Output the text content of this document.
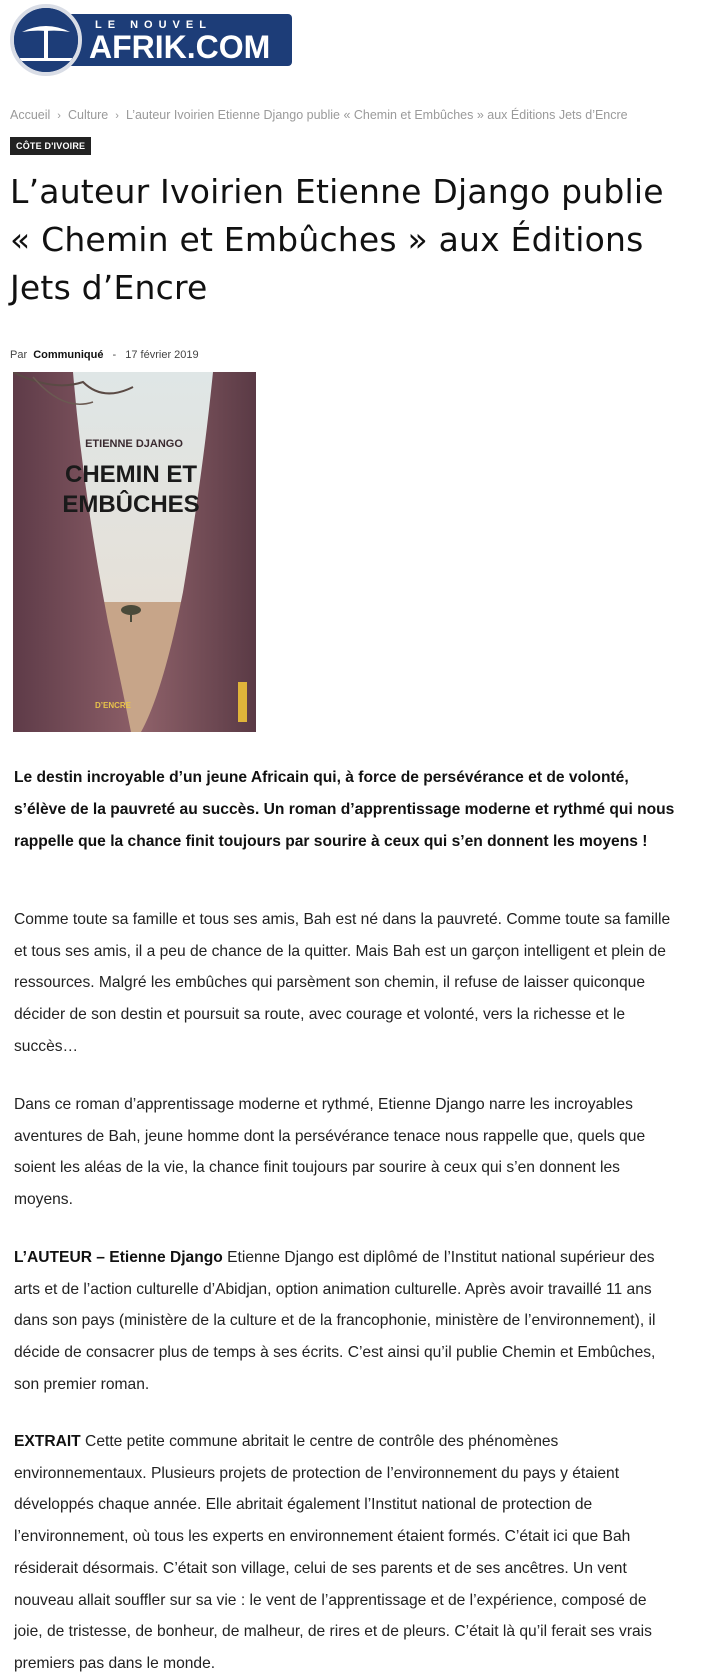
LE NOUVEL
AFRIK.COM
Accueil › Culture › L’auteur Ivoirien Etienne Django publie « Chemin et Embûches » aux Éditions Jets d’Encre
CÔTE D'IVOIRE
L’auteur Ivoirien Etienne Django publie « Chemin et Embûches » aux Éditions Jets d’Encre
Par Communiqué - 17 février 2019
ETIENNE DJANGO
CHEMIN ET
EMBÛCHES
D’ENCRE

Le destin incroyable d’un jeune Africain qui, à force de persévérance et de volonté, s’élève de la pauvreté au succès. Un roman d’apprentissage moderne et rythmé qui nous rappelle que la chance finit toujours par sourire à ceux qui s’en donnent les moyens !

Comme toute sa famille et tous ses amis, Bah est né dans la pauvreté. Comme toute sa famille et tous ses amis, il a peu de chance de la quitter. Mais Bah est un garçon intelligent et plein de ressources. Malgré les embûches qui parsèment son chemin, il refuse de laisser quiconque décider de son destin et poursuit sa route, avec courage et volonté, vers la richesse et le succès…

Dans ce roman d’apprentissage moderne et rythmé, Etienne Django narre les incroyables aventures de Bah, jeune homme dont la persévérance tenace nous rappelle que, quels que soient les aléas de la vie, la chance finit toujours par sourire à ceux qui s’en donnent les moyens.

L’AUTEUR – Etienne Django Etienne Django est diplômé de l’Institut national supérieur des arts et de l’action culturelle d’Abidjan, option animation culturelle. Après avoir travaillé 11 ans dans son pays (ministère de la culture et de la francophonie, ministère de l’environnement), il décide de consacrer plus de temps à ses écrits. C’est ainsi qu’il publie Chemin et Embûches, son premier roman.

EXTRAIT Cette petite commune abritait le centre de contrôle des phénomènes environnementaux. Plusieurs projets de protection de l’environnement du pays y étaient développés chaque année. Elle abritait également l’Institut national de protection de l’environnement, où tous les experts en environnement étaient formés. C’était ici que Bah résiderait désormais. C’était son village, celui de ses parents et de ses ancêtres. Un vent nouveau allait souffler sur sa vie : le vent de l’apprentissage et de l’expérience, composé de joie, de tristesse, de bonheur, de malheur, de rires et de pleurs. C’était là qu’il ferait ses vrais premiers pas dans le monde.
